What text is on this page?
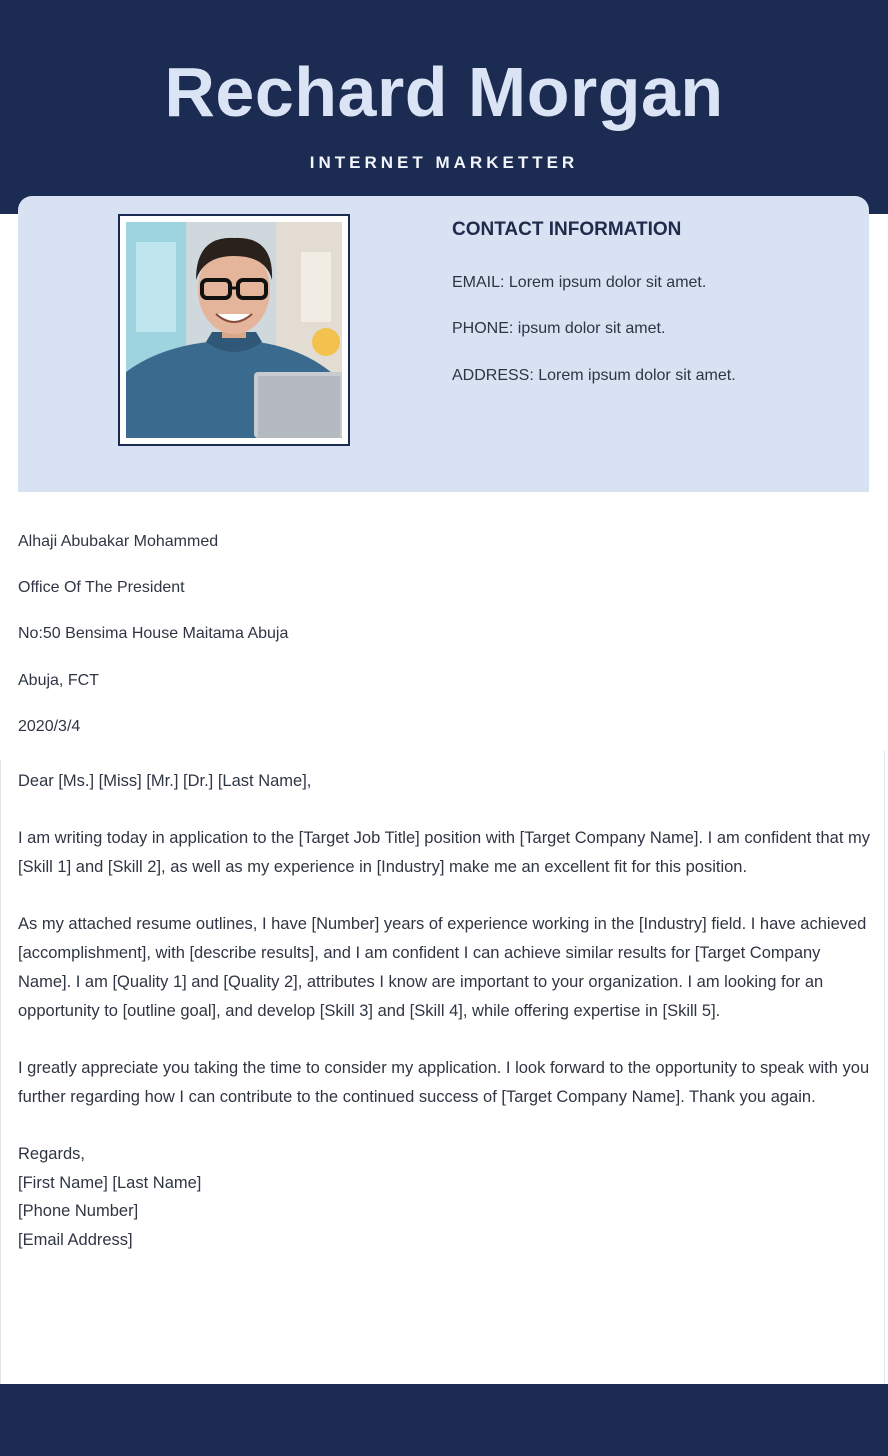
Rechard Morgan
INTERNET MARKETTER
CONTACT INFORMATION
EMAIL: Lorem ipsum dolor sit amet.
PHONE: ipsum dolor sit amet.
ADDRESS: Lorem ipsum dolor sit amet.
Alhaji Abubakar Mohammed
Office Of The President
No:50 Bensima House Maitama Abuja
Abuja, FCT
2020/3/4

Dear [Ms.] [Miss] [Mr.] [Dr.] [Last Name],

I am writing today in application to the [Target Job Title] position with [Target Company Name]. I am confident that my [Skill 1] and [Skill 2], as well as my experience in [Industry] make me an excellent fit for this position.

As my attached resume outlines, I have [Number] years of experience working in the [Industry] field. I have achieved [accomplishment], with [describe results], and I am confident I can achieve similar results for [Target Company Name]. I am [Quality 1] and [Quality 2], attributes I know are important to your organization. I am looking for an opportunity to [outline goal], and develop [Skill 3] and [Skill 4], while offering expertise in [Skill 5].

I greatly appreciate you taking the time to consider my application. I look forward to the opportunity to speak with you further regarding how I can contribute to the continued success of [Target Company Name]. Thank you again.

Regards,
[First Name] [Last Name]
[Phone Number]
[Email Address]
